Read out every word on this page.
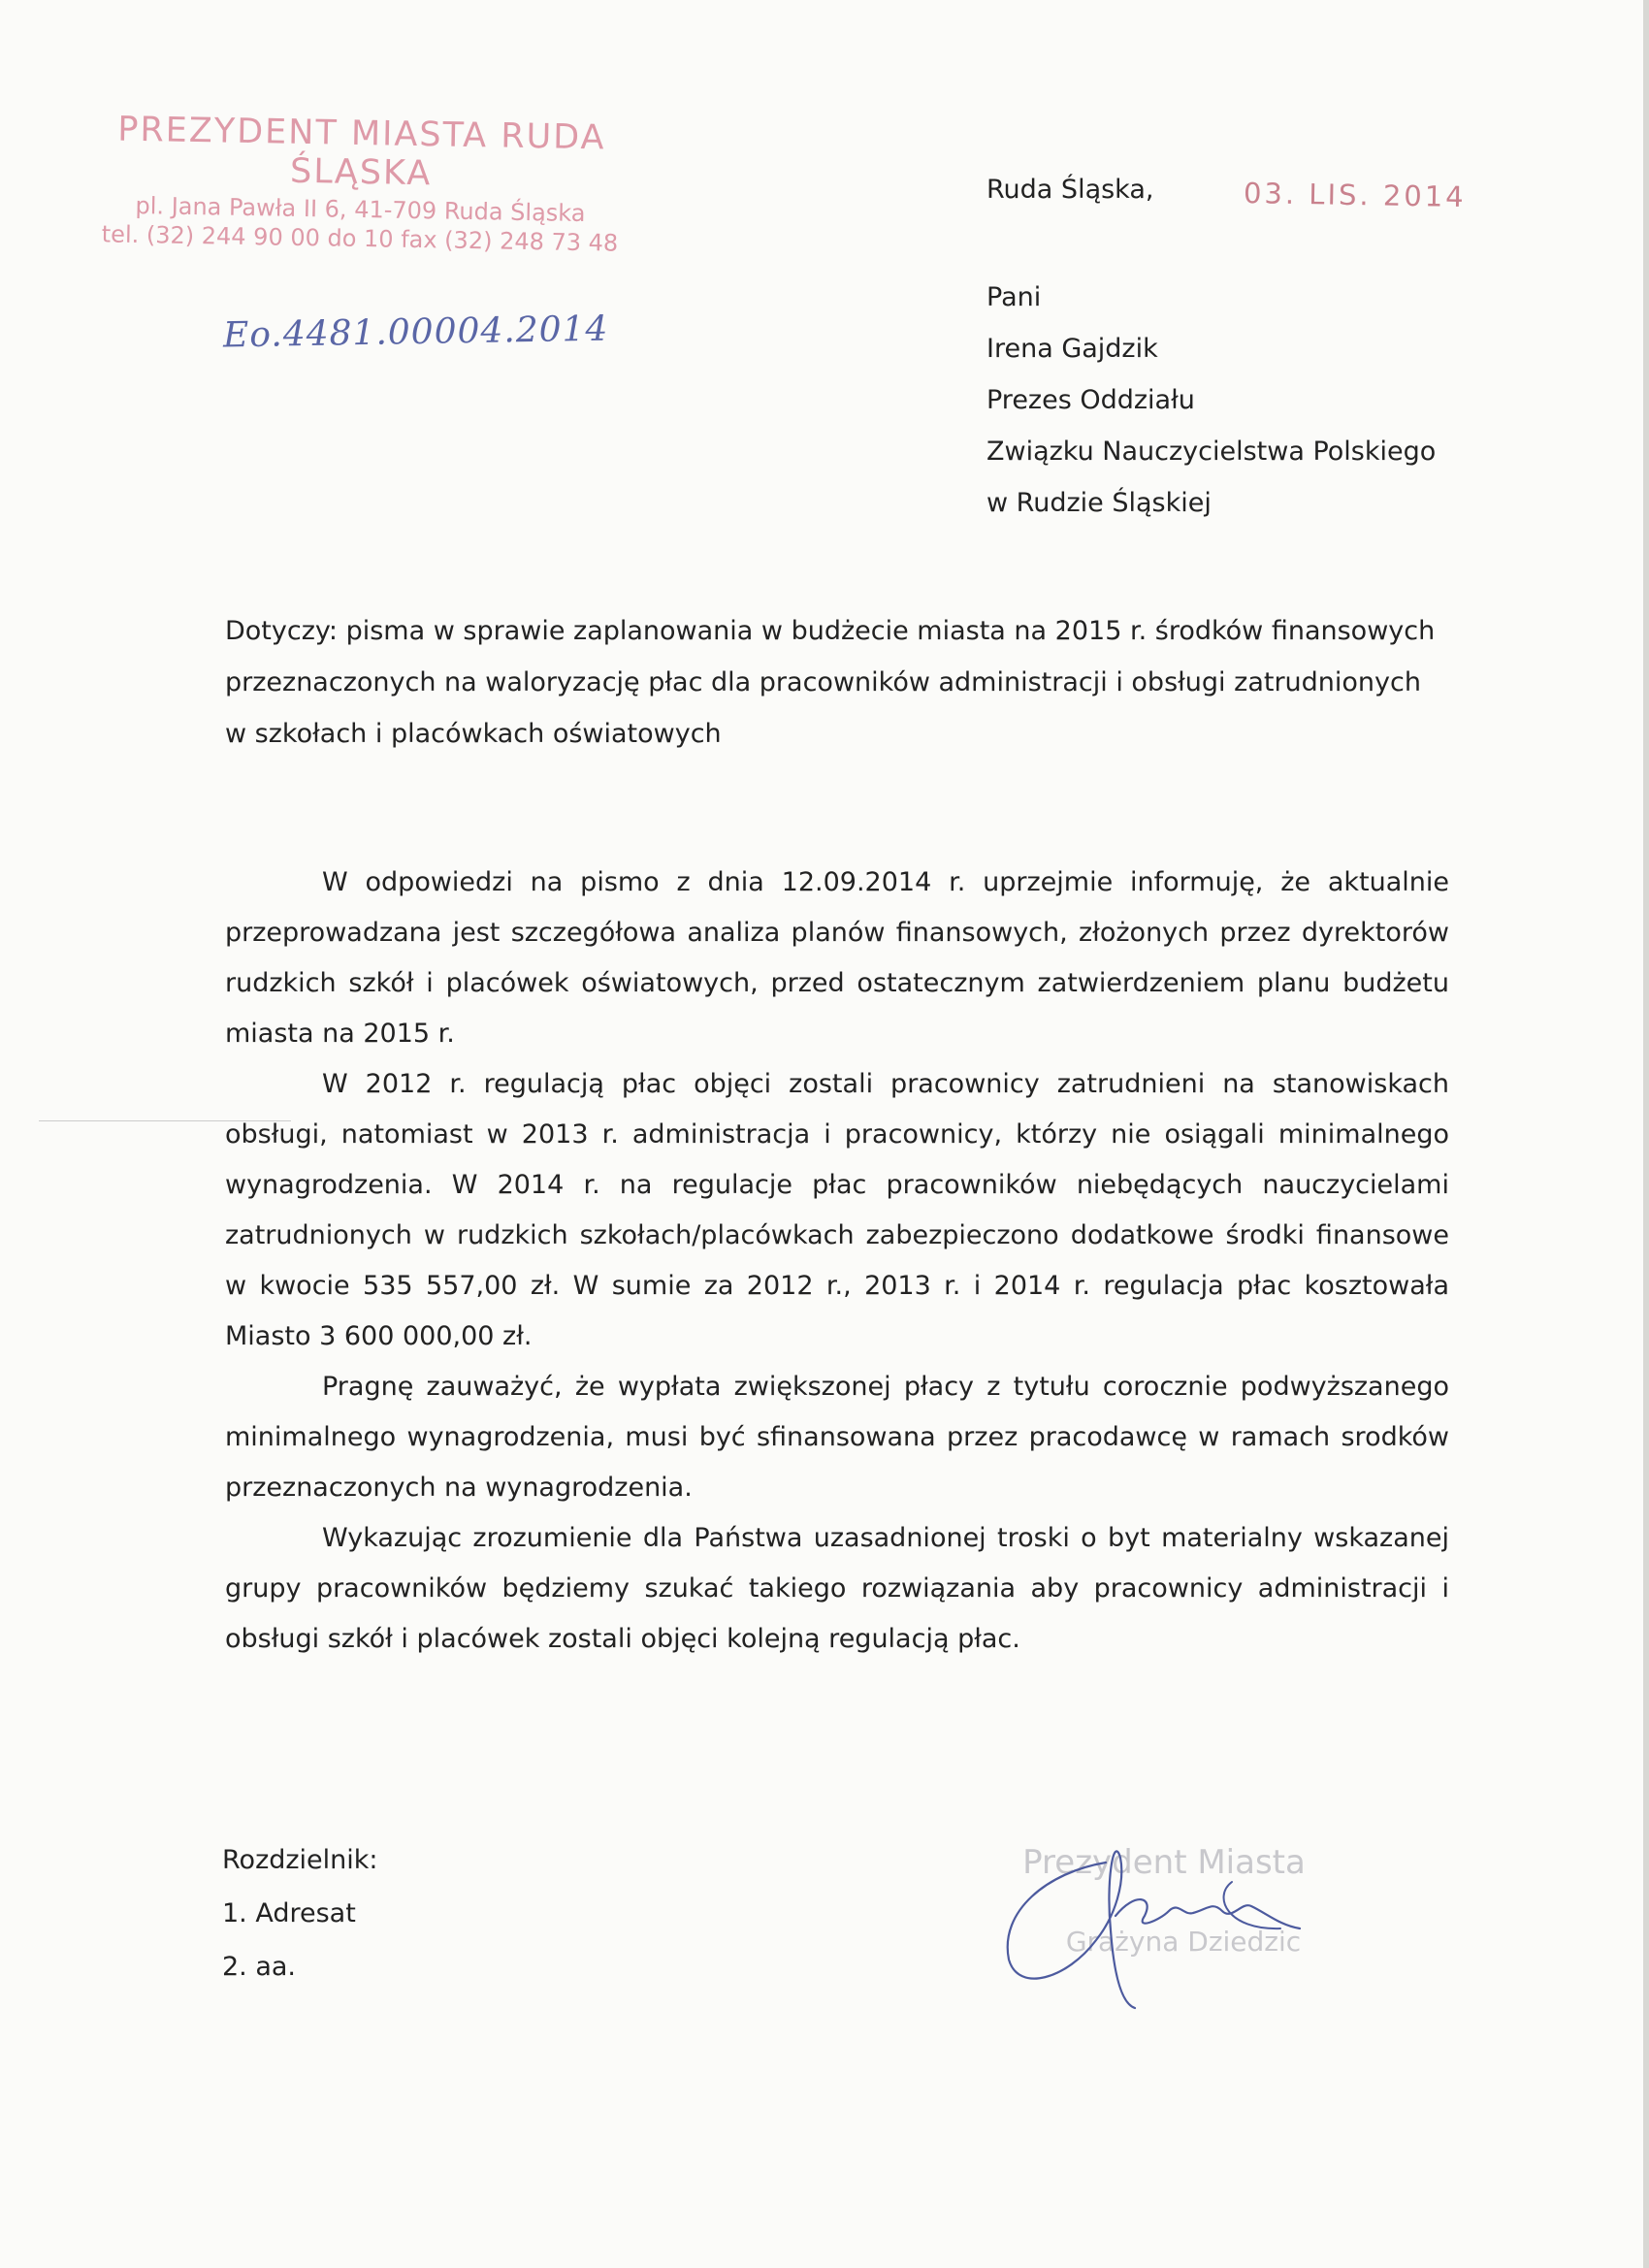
PREZYDENT MIASTA RUDA ŚLĄSKA
pl. Jana Pawła II 6, 41-709 Ruda Śląska
tel. (32) 244 90 00 do 10 fax (32) 248 73 48
Eo.4481.00004.2014
Ruda Śląska,	03. LIS. 2014
Pani
Irena Gajdzik
Prezes Oddziału
Związku Nauczycielstwa Polskiego
w Rudzie Śląskiej
Dotyczy: pisma w sprawie zaplanowania w budżecie miasta na 2015 r. środków finansowych przeznaczonych na waloryzację płac dla pracowników administracji i obsługi zatrudnionych w szkołach i placówkach oświatowych

W odpowiedzi na pismo z dnia 12.09.2014 r. uprzejmie informuję, że aktualnie przeprowadzana jest szczegółowa analiza planów finansowych, złożonych przez dyrektorów rudzkich szkół i placówek oświatowych, przed ostatecznym zatwierdzeniem planu budżetu miasta na 2015 r.

W 2012 r. regulacją płac objęci zostali pracownicy zatrudnieni na stanowiskach obsługi, natomiast w 2013 r. administracja i pracownicy, którzy nie osiągali minimalnego wynagrodzenia. W 2014 r. na regulacje płac pracowników niebędących nauczycielami zatrudnionych w rudzkich szkołach/placówkach zabezpieczono dodatkowe środki finansowe w kwocie 535 557,00 zł. W sumie za 2012 r., 2013 r. i 2014 r. regulacja płac kosztowała Miasto 3 600 000,00 zł.

Pragnę zauważyć, że wypłata zwiększonej płacy z tytułu corocznie podwyższanego minimalnego wynagrodzenia, musi być sfinansowana przez pracodawcę w ramach srodków przeznaczonych na wynagrodzenia.

Wykazując zrozumienie dla Państwa uzasadnionej troski o byt materialny wskazanej grupy pracowników będziemy szukać takiego rozwiązania aby pracownicy administracji i obsługi szkół i placówek zostali objęci kolejną regulacją płac.

Rozdzielnik:
1. Adresat
2. aa.
Prezydent Miasta
Grażyna Dziedzic
